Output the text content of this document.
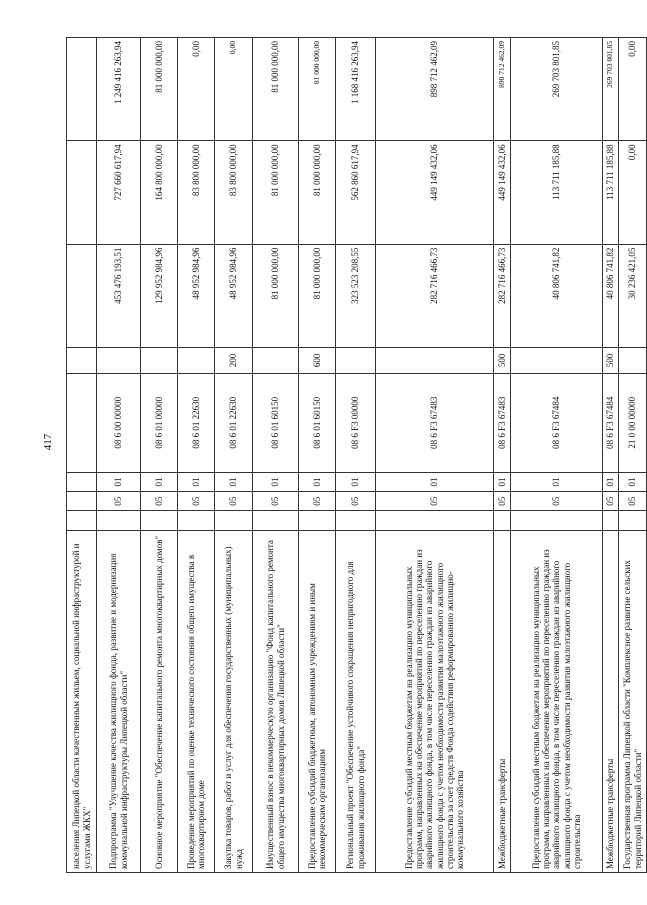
417
населения Липецкой области качественным жильем, социальной инфраструктурой и услугами ЖКХ"								
Подпрограмма "Улучшение качества жилищного фонда, развитие и модернизация коммунальной инфраструктуры Липецкой области"		05	01	08 6 00 00000		453 476 193,51	727 660 617,94	1 249 416 263,94
Основное мероприятие "Обеспечение капитального ремонта многоквартирных домов"		05	01	08 6 01 00000		129 952 984,96	164 800 000,00	81 000 000,00
Проведение мероприятий по оценке технического состояния общего имущества в многоквартирном доме		05	01	08 6 01 22630		48 952 984,96	83 800 000,00	0,00
Закупка товаров, работ и услуг для обеспечения государственных (муниципальных) нужд		05	01	08 6 01 22630	200	48 952 984,96	83 800 000,00	0,00
Имущественный взнос в некоммерческую организацию "Фонд капитального ремонта общего имущества многоквартирных домов Липецкой области"		05	01	08 6 01 60150		81 000 000,00	81 000 000,00	81 000 000,00
Предоставление субсидий бюджетным, автономным учреждениям и иным некоммерческим организациям		05	01	08 6 01 60150	600	81 000 000,00	81 000 000,00	81 000 000,00
Региональный проект "Обеспечение устойчивого сокращения непригодного для проживания жилищного фонда"		05	01	08 6 F3 00000		323 523 208,55	562 860 617,94	1 168 416 263,94
Предоставление субсидий местным бюджетам на реализацию муниципальных программ, направленных на обеспечение мероприятий по переселению граждан из аварийного жилищного фонда, в том числе переселению граждан из аварийного жилищного фонда с учетом необходимости развития малоэтажного жилищного строительства за счет средств Фонда содействия реформированию жилищно-коммунального хозяйства		05	01	08 6 F3 67483		282 716 466,73	449 149 432,06	898 712 462,09
Межбюджетные трансферты		05	01	08 6 F3 67483	500	282 716 466,73	449 149 432,06	898 712 462,09
Предоставление субсидий местным бюджетам на реализацию муниципальных программ, направленных на обеспечение мероприятий по переселению граждан из аварийного жилищного фонда, в том числе переселению граждан из аварийного жилищного фонда с учетом необходимости развития малоэтажного жилищного строительства		05	01	08 6 F3 67484		40 806 741,82	113 711 185,88	269 703 801,85
Межбюджетные трансферты		05	01	08 6 F3 67484	500	40 806 741,82	113 711 185,88	269 703 801,85
Государственная программа Липецкой области "Комплексное развитие сельских территорий Липецкой области"		05	01	21 0 00 00000		30 236 421,05	0,00	0,00
